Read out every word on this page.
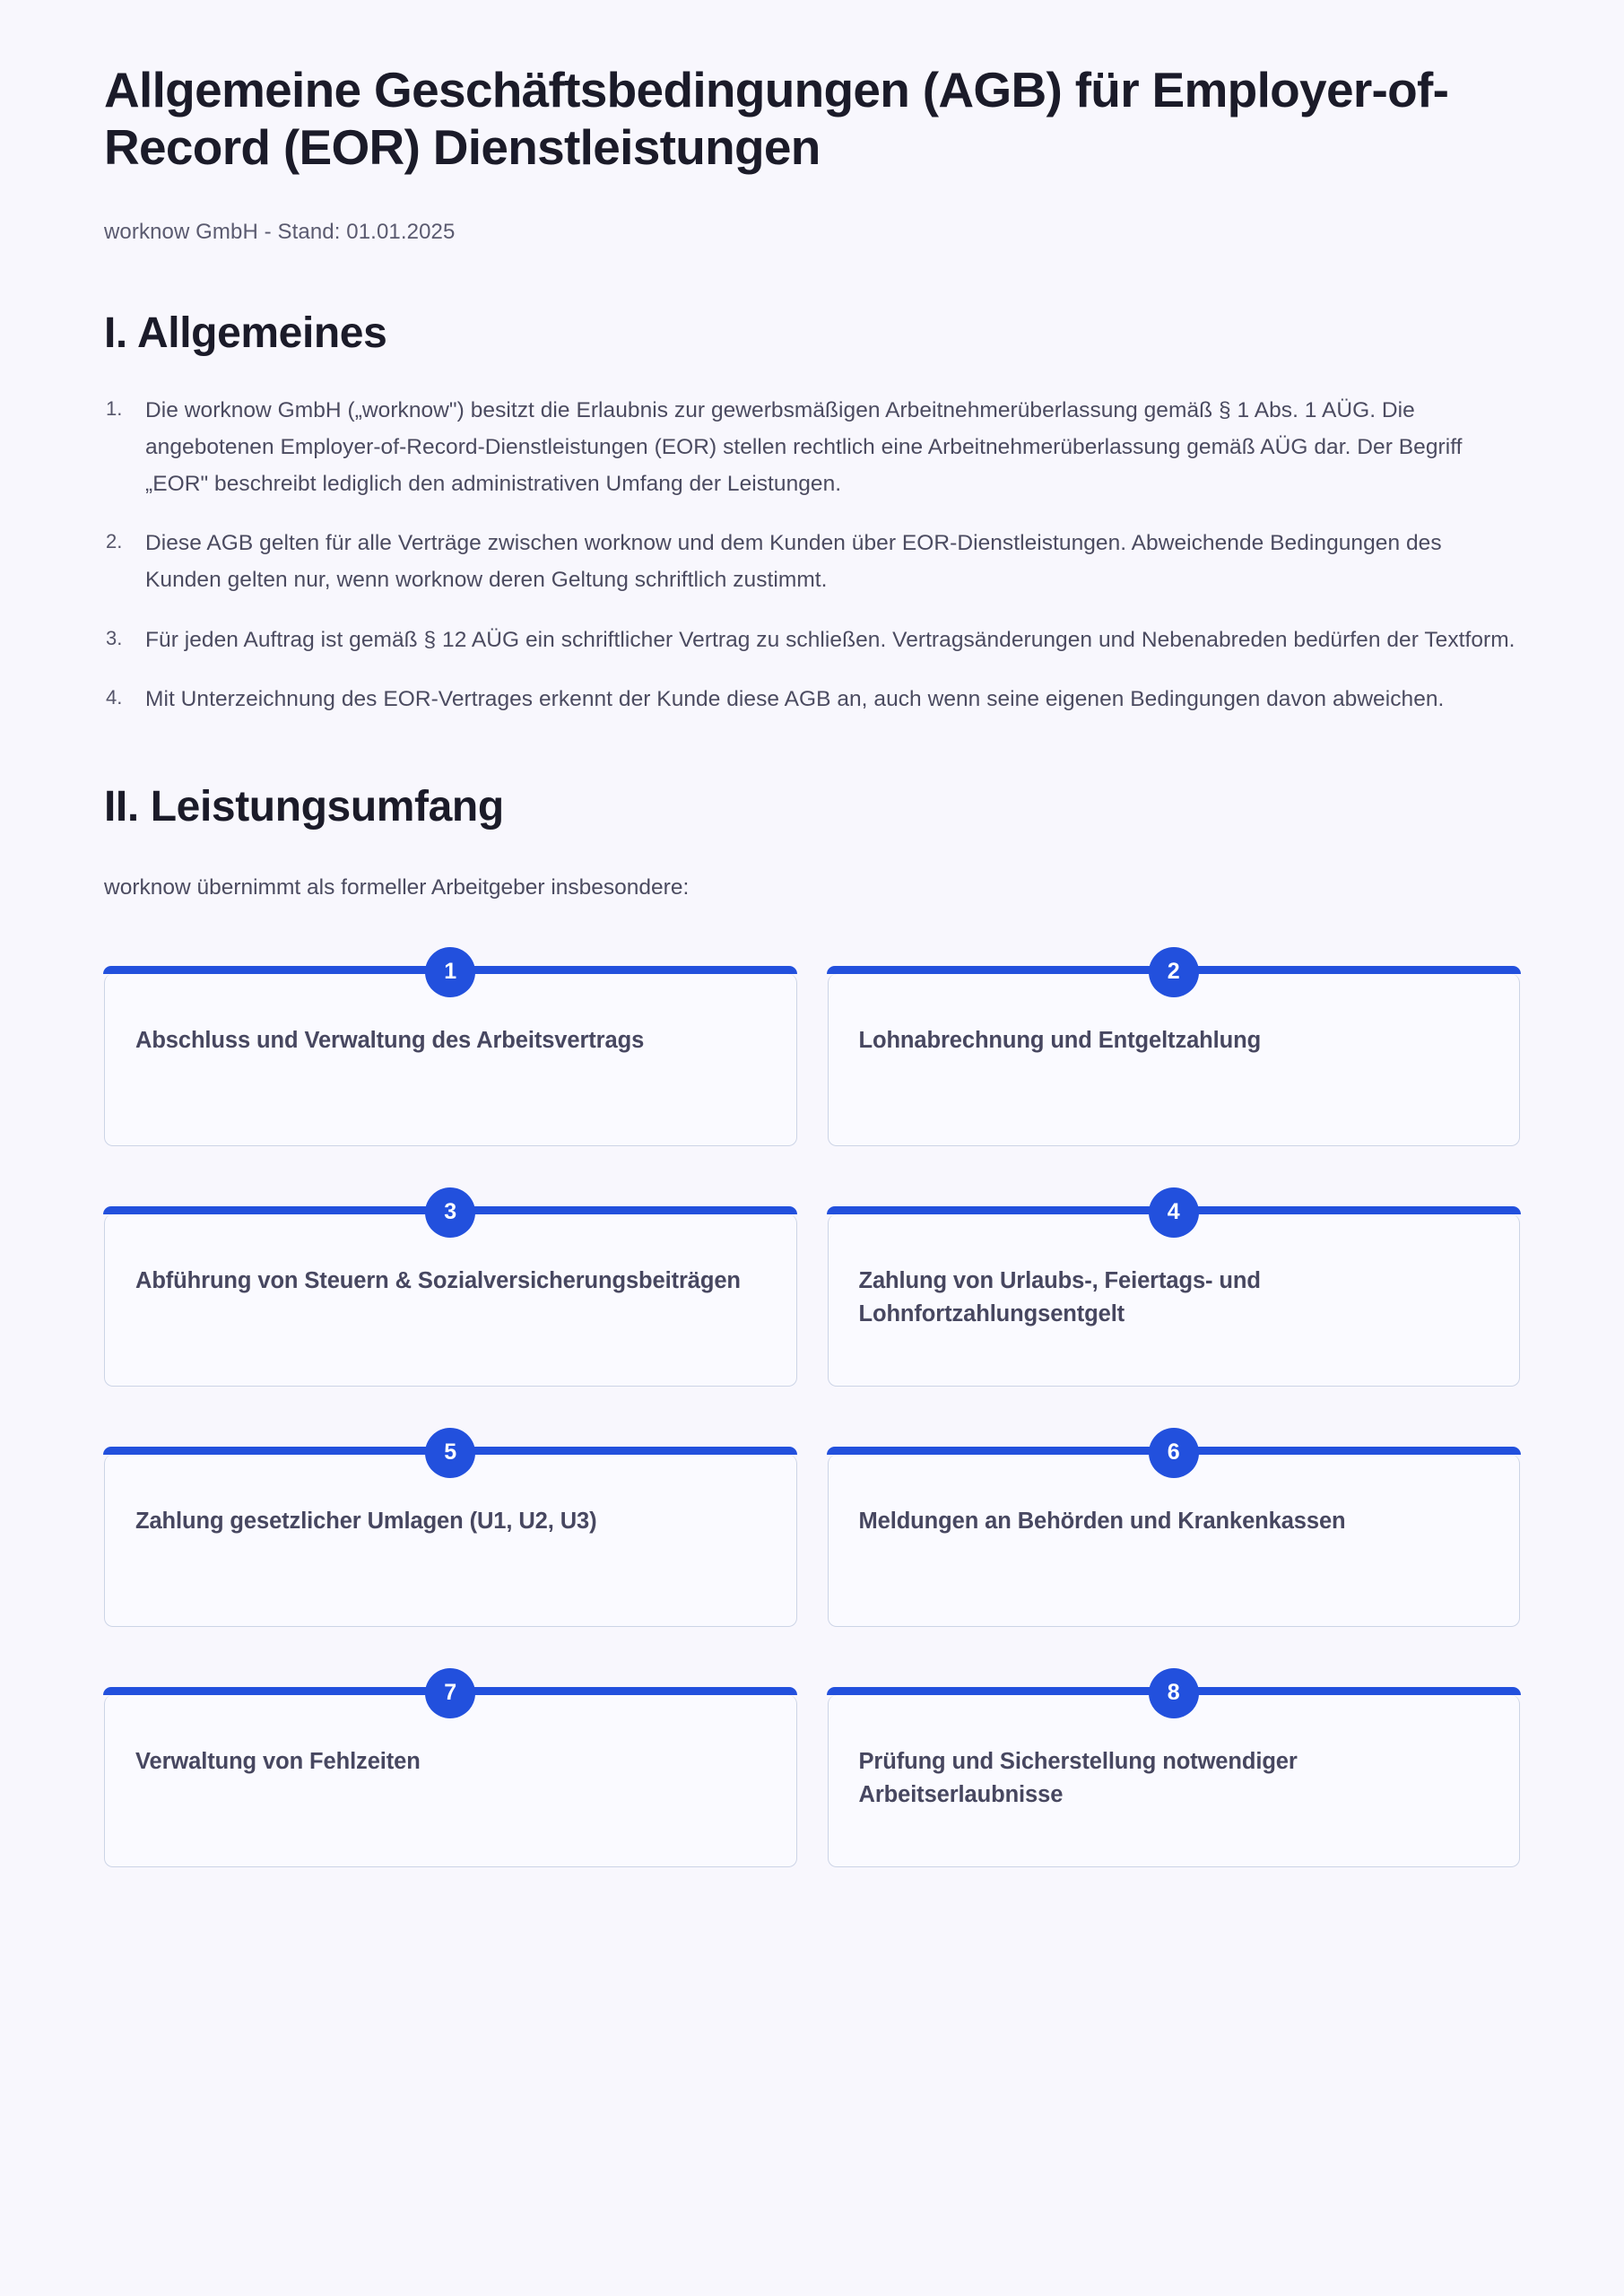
Allgemeine Geschäftsbedingungen (AGB) für Employer-of-Record (EOR) Dienstleistungen

worknow GmbH - Stand: 01.01.2025

I. Allgemeines
Die worknow GmbH („worknow") besitzt die Erlaubnis zur gewerbsmäßigen Arbeitnehmerüberlassung gemäß § 1 Abs. 1 AÜG. Die angebotenen Employer-of-Record-Dienstleistungen (EOR) stellen rechtlich eine Arbeitnehmerüberlassung gemäß AÜG dar. Der Begriff „EOR" beschreibt lediglich den administrativen Umfang der Leistungen.
Diese AGB gelten für alle Verträge zwischen worknow und dem Kunden über EOR-Dienstleistungen. Abweichende Bedingungen des Kunden gelten nur, wenn worknow deren Geltung schriftlich zustimmt.
Für jeden Auftrag ist gemäß § 12 AÜG ein schriftlicher Vertrag zu schließen. Vertragsänderungen und Nebenabreden bedürfen der Textform.
Mit Unterzeichnung des EOR-Vertrages erkennt der Kunde diese AGB an, auch wenn seine eigenen Bedingungen davon abweichen.
II. Leistungsumfang

worknow übernimmt als formeller Arbeitgeber insbesondere:

1
Abschluss und Verwaltung des Arbeitsvertrags
2
Lohnabrechnung und Entgeltzahlung
3
Abführung von Steuern & Sozialversicherungsbeiträgen
4
Zahlung von Urlaubs-, Feiertags- und Lohnfortzahlungsentgelt
5
Zahlung gesetzlicher Umlagen (U1, U2, U3)
6
Meldungen an Behörden und Krankenkassen
7
Verwaltung von Fehlzeiten
8
Prüfung und Sicherstellung notwendiger Arbeitserlaubnisse
